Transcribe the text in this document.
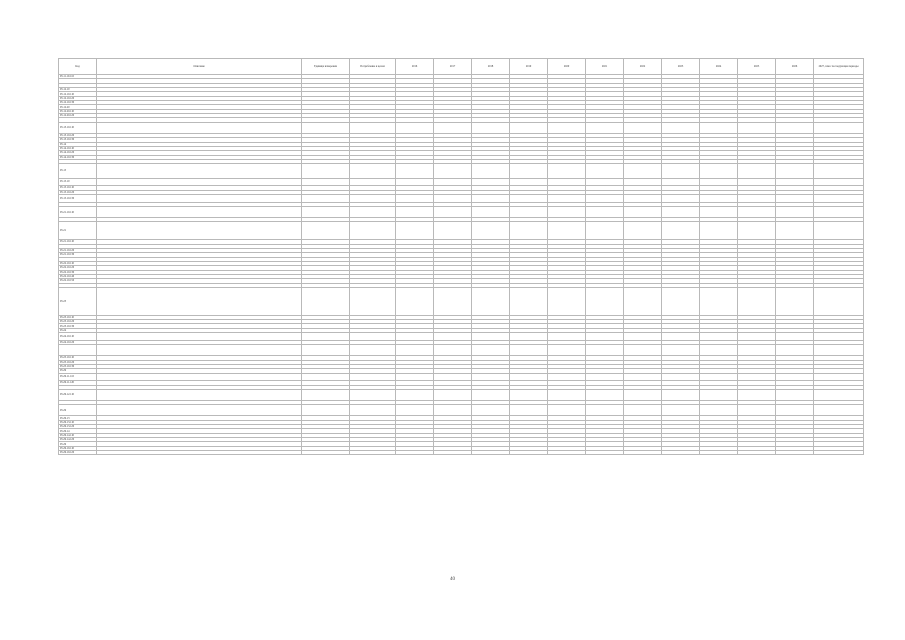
Код	Описание	Единица измерения	Потребление в целом	2016	2017	2018	2019	2020	2021	2022	2023	2024	2025	2026	2027, плюс последующие периоды
95.11.10.110															

95.12.10															
95.12.10.110															
95.12.10.120															
95.12.10.130															
95.12.20															
95.12.20.110															
95.12.20.120															

95.13.10.110															
95.13.10.120															
95.13.10.130															
95.14															
95.14.10.110															
95.14.10.120															
95.14.10.130															

95.15															
95.15.10															
95.15.10.110															
95.15.10.120															
95.15.10.130															

95.21.10.110															

95.21															
95.21.10.110															

95.21.10.120															
95.21.10.130															

95.22.10.110															
95.22.10.120															
95.22.10.130															
95.22.10.140															
95.22.10.150															

95.23															
95.23.10.110															
95.23.10.120															
95.23.10.130															
95.24															
95.24.10.110															
95.24.10.120															

95.25.10.110															
95.25.10.120															
95.25.10.130															
95.29															
95.29.11.110															
95.29.11.120															

95.29.12.110															

95.29															
95.29.13															
95.29.13.110															
95.29.13.120															
95.29.14															
95.29.14.110															
95.29.14.120															
95.29															
95.29.19.110															
95.29.19.120															
40
